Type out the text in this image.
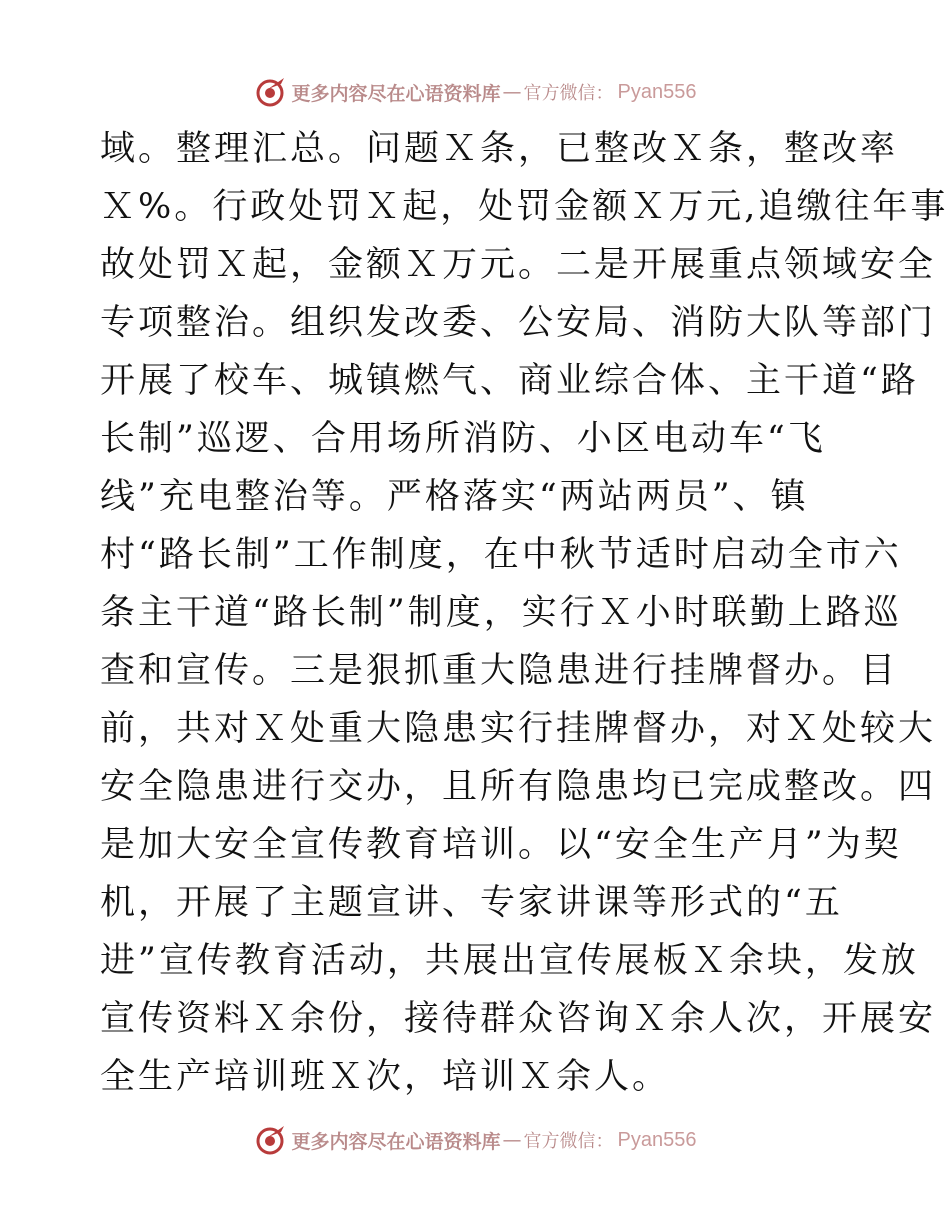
更多内容尽在心语资料库 — 官方微信： Pyan556
域。整理汇总。问题Ｘ条，已整改Ｘ条，整改率
Ｘ%。行政处罚Ｘ起，处罚金额Ｘ万元,追缴往年事
故处罚Ｘ起，金额Ｘ万元。二是开展重点领域安全
专项整治。组织发改委、公安局、消防大队等部门
开展了校车、城镇燃气、商业综合体、主干道“路
长制”巡逻、合用场所消防、小区电动车“飞
线”充电整治等。严格落实“两站两员”、镇
村“路长制”工作制度，在中秋节适时启动全市六
条主干道“路长制”制度，实行Ｘ小时联勤上路巡
查和宣传。三是狠抓重大隐患进行挂牌督办。目
前，共对Ｘ处重大隐患实行挂牌督办，对Ｘ处较大
安全隐患进行交办，且所有隐患均已完成整改。四
是加大安全宣传教育培训。以“安全生产月”为契
机，开展了主题宣讲、专家讲课等形式的“五
进”宣传教育活动，共展出宣传展板Ｘ余块，发放
宣传资料Ｘ余份，接待群众咨询Ｘ余人次，开展安
全生产培训班Ｘ次，培训Ｘ余人。
更多内容尽在心语资料库 — 官方微信： Pyan556
